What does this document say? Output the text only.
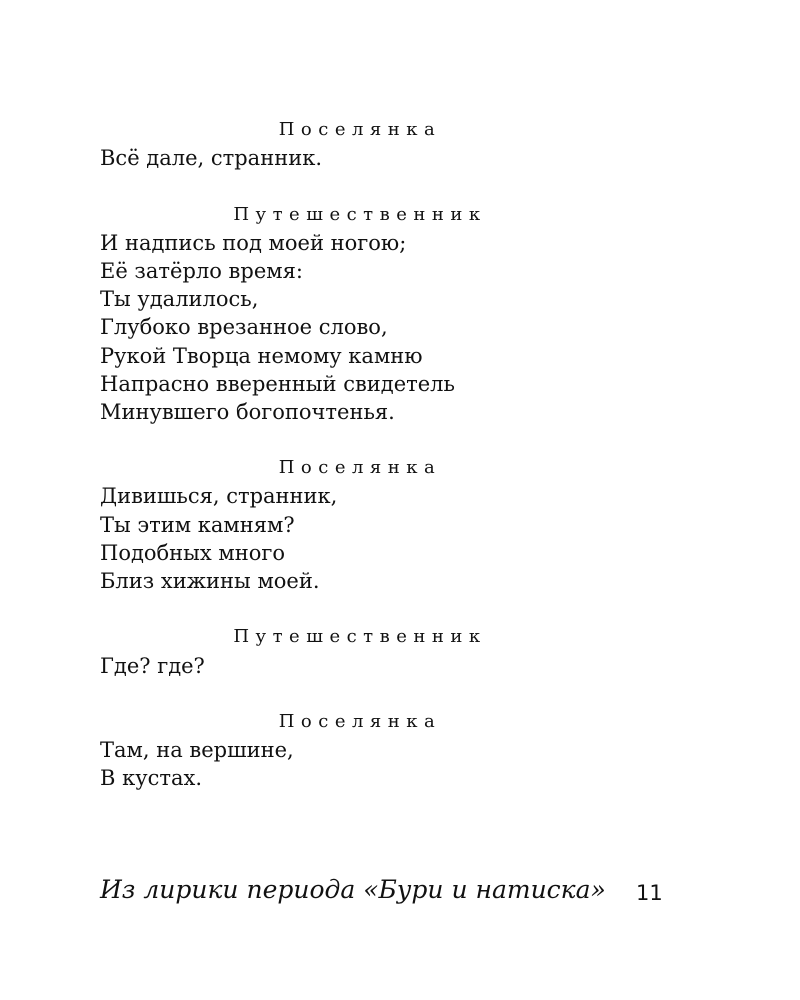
Поселянка
Всё дале, странник.
Путешественник
И надпись под моей ногою;
Её затёрло время:
Ты удалилось,
Глубоко врезанное слово,
Рукой Творца немому камню
Напрасно вверенный свидетель
Минувшего богопочтенья.
Поселянка
Дивишься, странник,
Ты этим камням?
Подобных много
Близ хижины моей.
Путешественник
Где? где?
Поселянка
Там, на вершине,
В кустах.
Из лирики периода «Бури и натиска» 11
